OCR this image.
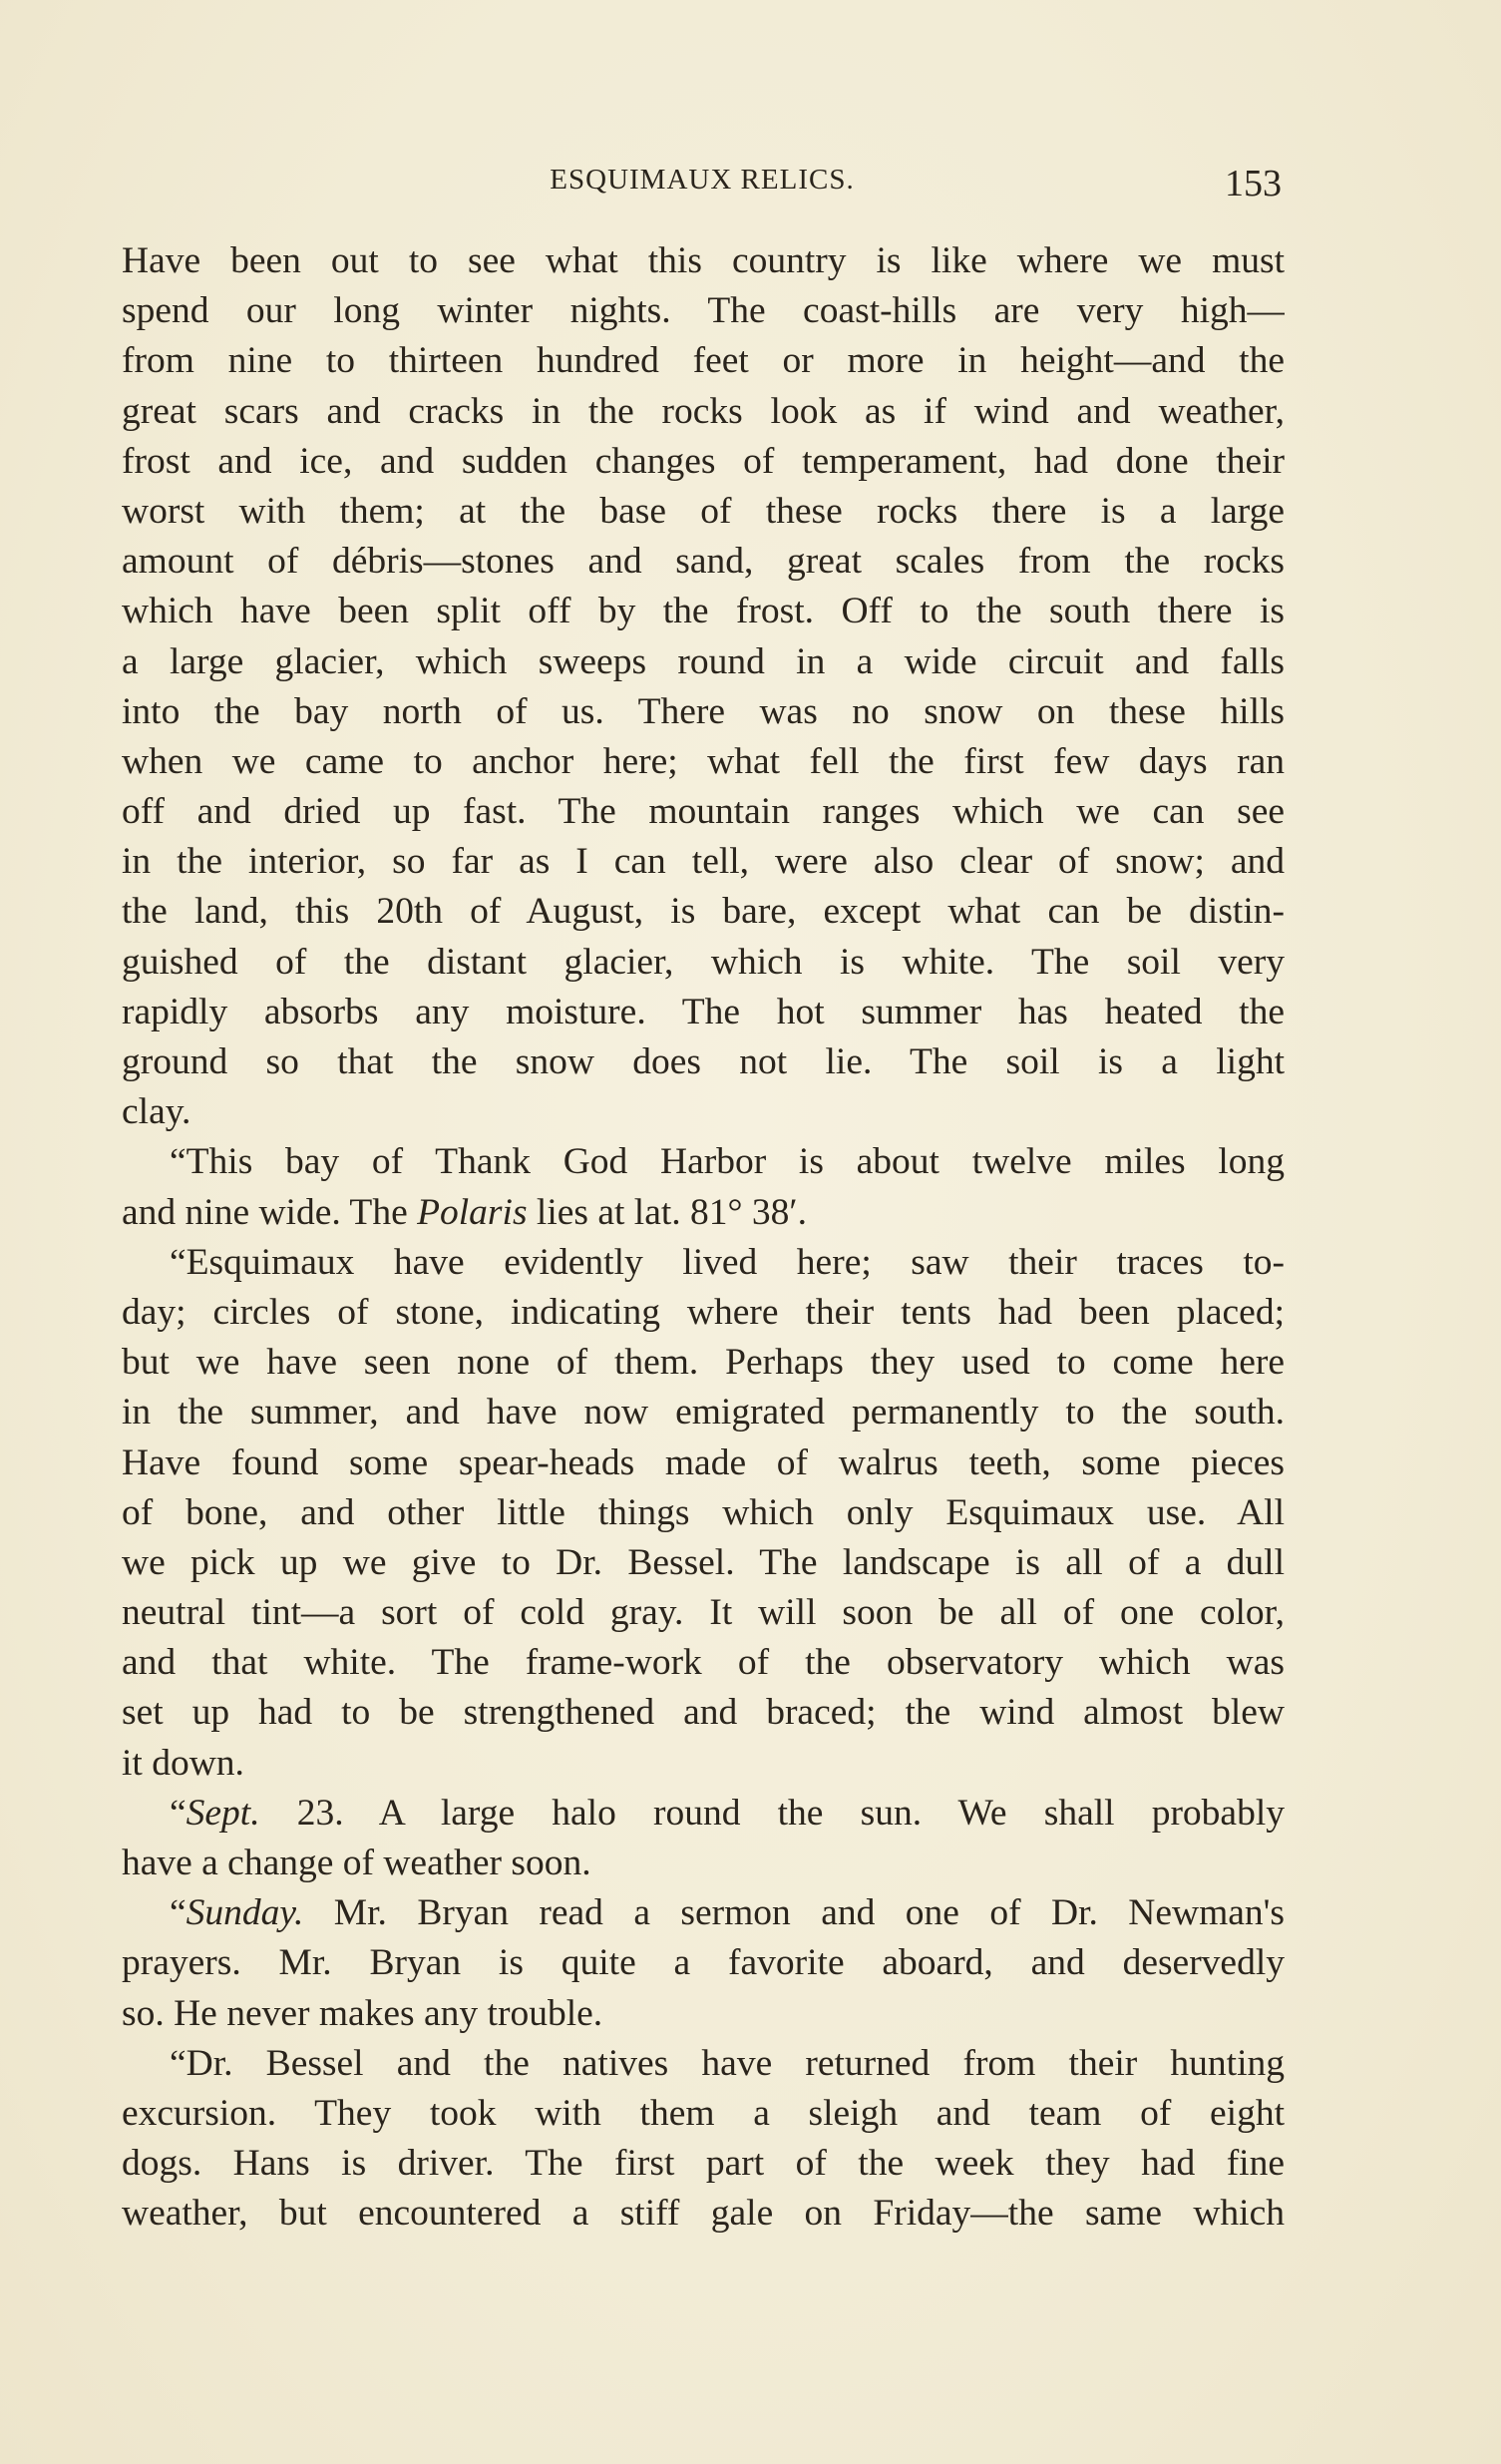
ESQUIMAUX RELICS.	153
Have been out to see what this country is like where we must
spend our long winter nights. The coast-hills are very high—
from nine to thirteen hundred feet or more in height—and the
great scars and cracks in the rocks look as if wind and weather,
frost and ice, and sudden changes of temperament, had done their
worst with them; at the base of these rocks there is a large
amount of débris—stones and sand, great scales from the rocks
which have been split off by the frost. Off to the south there is
a large glacier, which sweeps round in a wide circuit and falls
into the bay north of us. There was no snow on these hills
when we came to anchor here; what fell the first few days ran
off and dried up fast. The mountain ranges which we can see
in the interior, so far as I can tell, were also clear of snow; and
the land, this 20th of August, is bare, except what can be distin-
guished of the distant glacier, which is white. The soil very
rapidly absorbs any moisture. The hot summer has heated the
ground so that the snow does not lie. The soil is a light
clay.
“This bay of Thank God Harbor is about twelve miles long
and nine wide. The Polaris lies at lat. 81° 38′.
“Esquimaux have evidently lived here; saw their traces to-
day; circles of stone, indicating where their tents had been placed;
but we have seen none of them. Perhaps they used to come here
in the summer, and have now emigrated permanently to the south.
Have found some spear-heads made of walrus teeth, some pieces
of bone, and other little things which only Esquimaux use. All
we pick up we give to Dr. Bessel. The landscape is all of a dull
neutral tint—a sort of cold gray. It will soon be all of one color,
and that white. The frame-work of the observatory which was
set up had to be strengthened and braced; the wind almost blew
it down.
“Sept. 23. A large halo round the sun. We shall probably
have a change of weather soon.
“Sunday. Mr. Bryan read a sermon and one of Dr. Newman's
prayers. Mr. Bryan is quite a favorite aboard, and deservedly
so. He never makes any trouble.
“Dr. Bessel and the natives have returned from their hunting
excursion. They took with them a sleigh and team of eight
dogs. Hans is driver. The first part of the week they had fine
weather, but encountered a stiff gale on Friday—the same which
